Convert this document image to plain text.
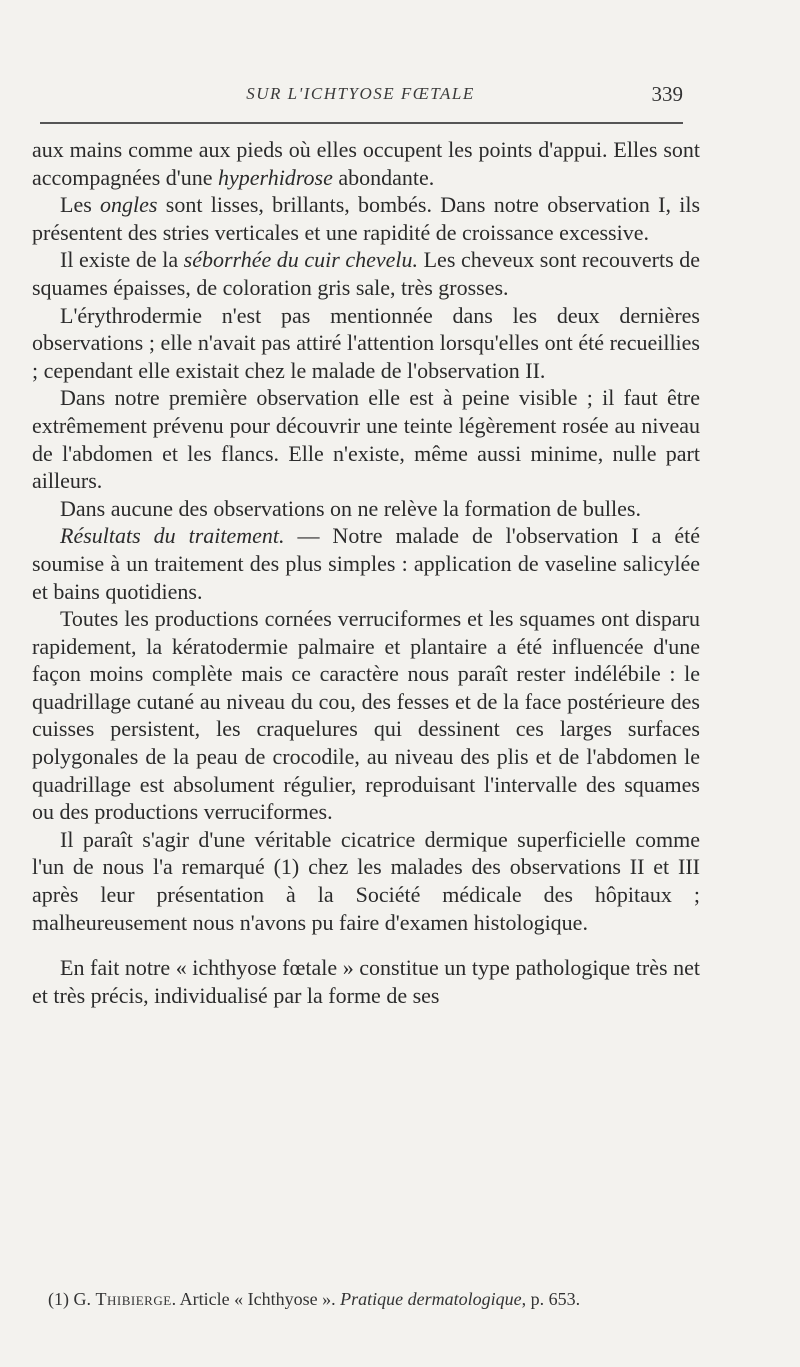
SUR L'ICHTYOSE FŒTALE	339

aux mains comme aux pieds où elles occupent les points d'appui. Elles sont accompagnées d'une hyperhidrose abondante.

Les ongles sont lisses, brillants, bombés. Dans notre observation I, ils présentent des stries verticales et une rapidité de croissance excessive.

Il existe de la séborrhée du cuir chevelu. Les cheveux sont recouverts de squames épaisses, de coloration gris sale, très grosses.

L'érythrodermie n'est pas mentionnée dans les deux dernières observations ; elle n'avait pas attiré l'attention lorsqu'elles ont été recueillies ; cependant elle existait chez le malade de l'observation II.

Dans notre première observation elle est à peine visible ; il faut être extrêmement prévenu pour découvrir une teinte légèrement rosée au niveau de l'abdomen et les flancs. Elle n'existe, même aussi minime, nulle part ailleurs.

Dans aucune des observations on ne relève la formation de bulles.

Résultats du traitement. — Notre malade de l'observation I a été soumise à un traitement des plus simples : application de vaseline salicylée et bains quotidiens.

Toutes les productions cornées verruciformes et les squames ont disparu rapidement, la kératodermie palmaire et plantaire a été influencée d'une façon moins complète mais ce caractère nous paraît rester indélébile : le quadrillage cutané au niveau du cou, des fesses et de la face postérieure des cuisses persistent, les craquelures qui dessinent ces larges surfaces polygonales de la peau de crocodile, au niveau des plis et de l'abdomen le quadrillage est absolument régulier, reproduisant l'intervalle des squames ou des productions verruciformes.

Il paraît s'agir d'une véritable cicatrice dermique superficielle comme l'un de nous l'a remarqué (1) chez les malades des observations II et III après leur présentation à la Société médicale des hôpitaux ; malheureusement nous n'avons pu faire d'examen histologique.

En fait notre « ichthyose fœtale » constitue un type pathologique très net et très précis, individualisé par la forme de ses

(1) G. Thibierge. Article « Ichthyose ». Pratique dermatologique, p. 653.
